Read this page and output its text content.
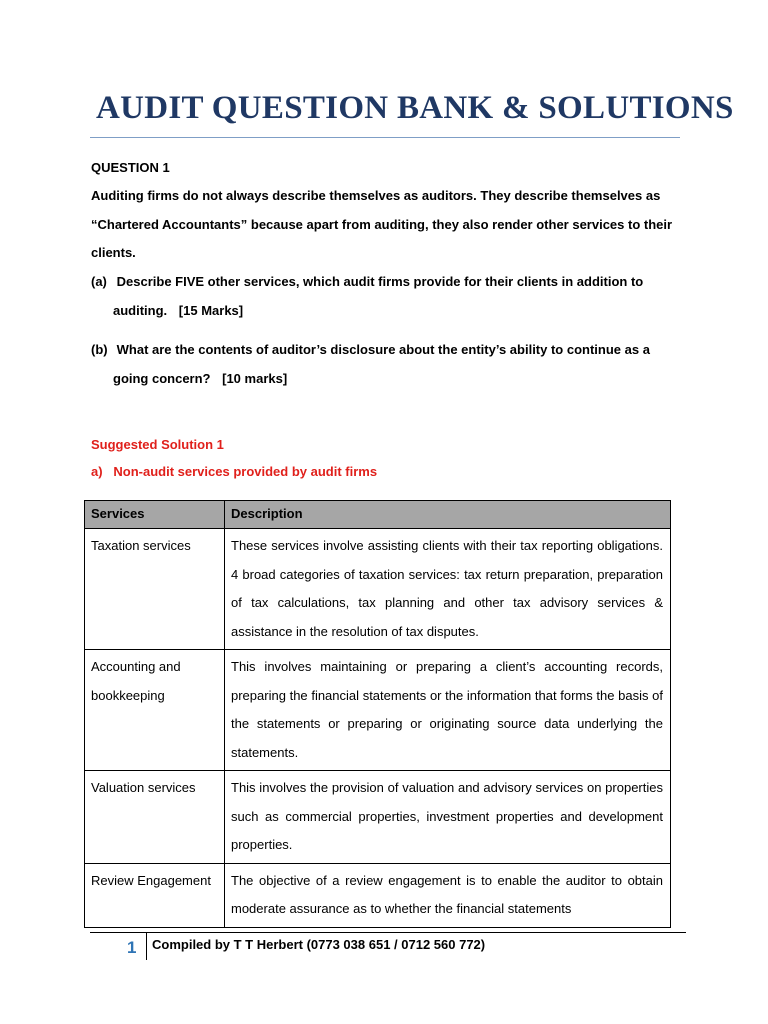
AUDIT QUESTION BANK & SOLUTIONS
QUESTION 1

Auditing firms do not always describe themselves as auditors. They describe themselves as “Chartered Accountants” because apart from auditing, they also render other services to their clients.

(a) Describe FIVE other services, which audit firms provide for their clients in addition to auditing. [15 Marks]

(b) What are the contents of auditor’s disclosure about the entity’s ability to continue as a going concern? [10 marks]

Suggested Solution 1
a)   Non-audit services provided by audit firms
Services	Description
Taxation services	These services involve assisting clients with their tax reporting obligations. 4 broad categories of taxation services: tax return preparation, preparation of tax calculations, tax planning and other tax advisory services & assistance in the resolution of tax disputes.
Accounting and bookkeeping	This involves maintaining or preparing a client’s accounting records, preparing the financial statements or the information that forms the basis of the statements or preparing or originating source data underlying the statements.
Valuation services	This involves the provision of valuation and advisory services on properties such as commercial properties, investment properties and development properties.
Review Engagement	The objective of a review engagement is to enable the auditor to obtain moderate assurance as to whether the financial statements
1 Compiled by T T Herbert (0773 038 651 / 0712 560 772)
